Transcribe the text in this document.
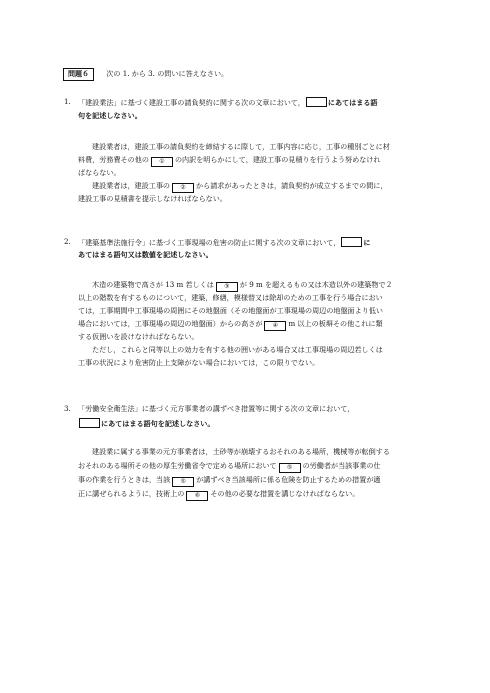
問題６ 次の 1. から 3. の問いに答えなさい。
1. 「建設業法」に基づく建設工事の請負契約に関する次の文章において，	にあてはまる語
句を記述しなさい。
建設業者は，建設工事の請負契約を締結するに際して，工事内容に応じ，工事の種別ごとに材
料費，労務費その他の ① の内訳を明らかにして，建設工事の見積りを行うよう努めなけれ
ばならない。
建設業者は，建設工事の ② から請求があったときは，請負契約が成立するまでの間に，
建設工事の見積書を提示しなければならない。
2. 「建築基準法施行令」に基づく工事現場の危害の防止に関する次の文章において，	に
あてはまる語句又は数値を記述しなさい。
木造の建築物で高さが 13 m 若しくは ③ が 9 m を超えるもの又は木造以外の建築物で２
以上の階数を有するものについて，建築，修繕，模様替又は除却のための工事を行う場合におい
ては，工事期間中工事現場の周囲にその地盤面（その地盤面が工事現場の周辺の地盤面より低い
場合においては，工事現場の周辺の地盤面）からの高さが ④ m 以上の板塀その他これに類
する仮囲いを設けなければならない。
ただし，これらと同等以上の効力を有する他の囲いがある場合又は工事現場の周辺若しくは
工事の状況により危害防止上支障がない場合においては，この限りでない。
3. 「労働安全衛生法」に基づく元方事業者の講ずべき措置等に関する次の文章において，
にあてはまる語句を記述しなさい。
建設業に属する事業の元方事業者は，土砂等が崩壊するおそれのある場所，機械等が転倒する
おそれのある場所その他の厚生労働省令で定める場所において ⑤ の労働者が当該事業の仕
事の作業を行うときは，当該 ⑤ が講ずべき当該場所に係る危険を防止するための措置が適
正に講ぜられるように，技術上の ⑥ その他の必要な措置を講じなければならない。
